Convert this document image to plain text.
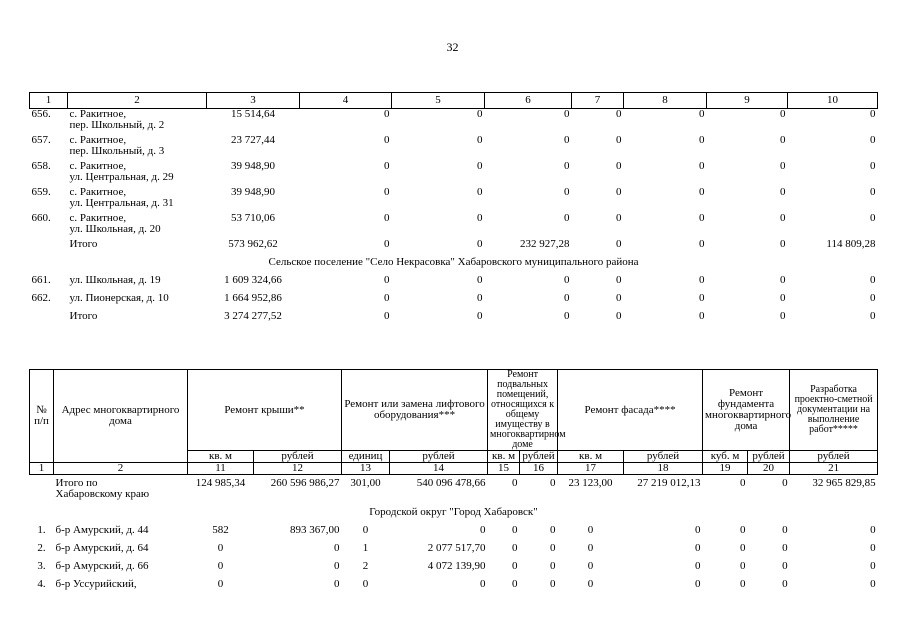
32
1	2	3	4	5	6	7	8	9	10
656.	с. Ракитное,
пер. Школьный, д. 2	15 514,64	0	0	0	0	0	0	0
657.	с. Ракитное,
пер. Школьный, д. 3	23 727,44	0	0	0	0	0	0	0
658.	с. Ракитное,
ул. Центральная, д. 29	39 948,90	0	0	0	0	0	0	0
659.	с. Ракитное,
ул. Центральная, д. 31	39 948,90	0	0	0	0	0	0	0
660.	с. Ракитное,
ул. Школьная, д. 20	53 710,06	0	0	0	0	0	0	0
	Итого	573 962,62	0	0	232 927,28	0	0	0	114 809,28
Сельское поселение "Село Некрасовка" Хабаровского муниципального района									
661.	ул. Школьная, д. 19	1 609 324,66	0	0	0	0	0	0	0
662.	ул. Пионерская, д. 10	1 664 952,86	0	0	0	0	0	0	0
	Итого	3 274 277,52	0	0	0	0	0	0	0
№ п/п	Адрес многоквартирного дома	Ремонт крыши**		Ремонт или замена лифтового оборудования***		Ремонт подвальных помещений, относящихся к общему имуществу в многоквартирном доме		Ремонт фасада****		Ремонт фундамента многоквартирного дома		Разработка проектно-сметной документации на выполнение работ*****
		кв. м	рублей	единиц	рублей	кв. м	рублей	кв. м	рублей	куб. м	рублей	рублей
1	2	11	12	13	14	15	16	17	18	19	20	21

	Итого по
Хабаровскому краю	124 985,34	260 596 986,27	301,00	540 096 478,66	0	0	23 123,00	27 219 012,13	0	0	32 965 829,85
Городской округ "Город Хабаровск"												
1.	б-р Амурский, д. 44	582	893 367,00	0	0	0	0	0	0	0	0	0
2.	б-р Амурский, д. 64	0	0	1	2 077 517,70	0	0	0	0	0	0	0
3.	б-р Амурский, д. 66	0	0	2	4 072 139,90	0	0	0	0	0	0	0
4.	б-р Уссурийский,	0	0	0	0	0	0	0	0	0	0	0
